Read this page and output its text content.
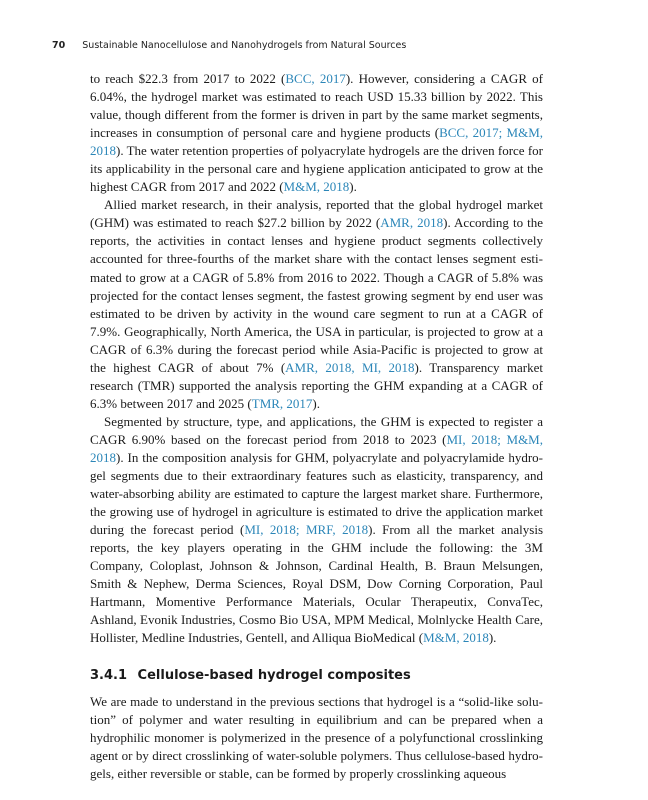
70 Sustainable Nanocellulose and Nanohydrogels from Natural Sources

to reach $22.3 from 2017 to 2022 (BCC, 2017). However, considering a CAGR of 6.04%, the hydrogel market was estimated to reach USD 15.33 billion by 2022. This value, though different from the former is driven in part by the same market segments, increases in consumption of personal care and hygiene products (BCC, 2017; M&M, 2018). The water retention properties of polyacrylate hydrogels are the driven force for its applicability in the personal care and hygiene application anticipated to grow at the highest CAGR from 2017 and 2022 (M&M, 2018).

Allied market research, in their analysis, reported that the global hydrogel market (GHM) was estimated to reach $27.2 billion by 2022 (AMR, 2018). According to the reports, the activities in contact lenses and hygiene product segments collectively accounted for three-fourths of the market share with the contact lenses segment esti-mated to grow at a CAGR of 5.8% from 2016 to 2022. Though a CAGR of 5.8% was projected for the contact lenses segment, the fastest growing segment by end user was estimated to be driven by activity in the wound care segment to run at a CAGR of 7.9%. Geographically, North America, the USA in particular, is projected to grow at a CAGR of 6.3% during the forecast period while Asia-Pacific is projected to grow at the highest CAGR of about 7% (AMR, 2018, MI, 2018). Transparency market research (TMR) supported the analysis reporting the GHM expanding at a CAGR of 6.3% between 2017 and 2025 (TMR, 2017).

Segmented by structure, type, and applications, the GHM is expected to register a CAGR 6.90% based on the forecast period from 2018 to 2023 (MI, 2018; M&M, 2018). In the composition analysis for GHM, polyacrylate and polyacrylamide hydro-gel segments due to their extraordinary features such as elasticity, transparency, and water-absorbing ability are estimated to capture the largest market share. Furthermore, the growing use of hydrogel in agriculture is estimated to drive the application market during the forecast period (MI, 2018; MRF, 2018). From all the market analysis reports, the key players operating in the GHM include the following: the 3M Company, Coloplast, Johnson & Johnson, Cardinal Health, B. Braun Melsungen, Smith & Nephew, Derma Sciences, Royal DSM, Dow Corning Corporation, Paul Hartmann, Momentive Performance Materials, Ocular Therapeutix, ConvaTec, Ashland, Evonik Industries, Cosmo Bio USA, MPM Medical, Molnlycke Health Care, Hollister, Medline Industries, Gentell, and Alliqua BioMedical (M&M, 2018).

3.4.1 Cellulose-based hydrogel composites

We are made to understand in the previous sections that hydrogel is a “solid-like solu-tion” of polymer and water resulting in equilibrium and can be prepared when a hydrophilic monomer is polymerized in the presence of a polyfunctional crosslinking agent or by direct crosslinking of water-soluble polymers. Thus cellulose-based hydro-gels, either reversible or stable, can be formed by properly crosslinking aqueous
